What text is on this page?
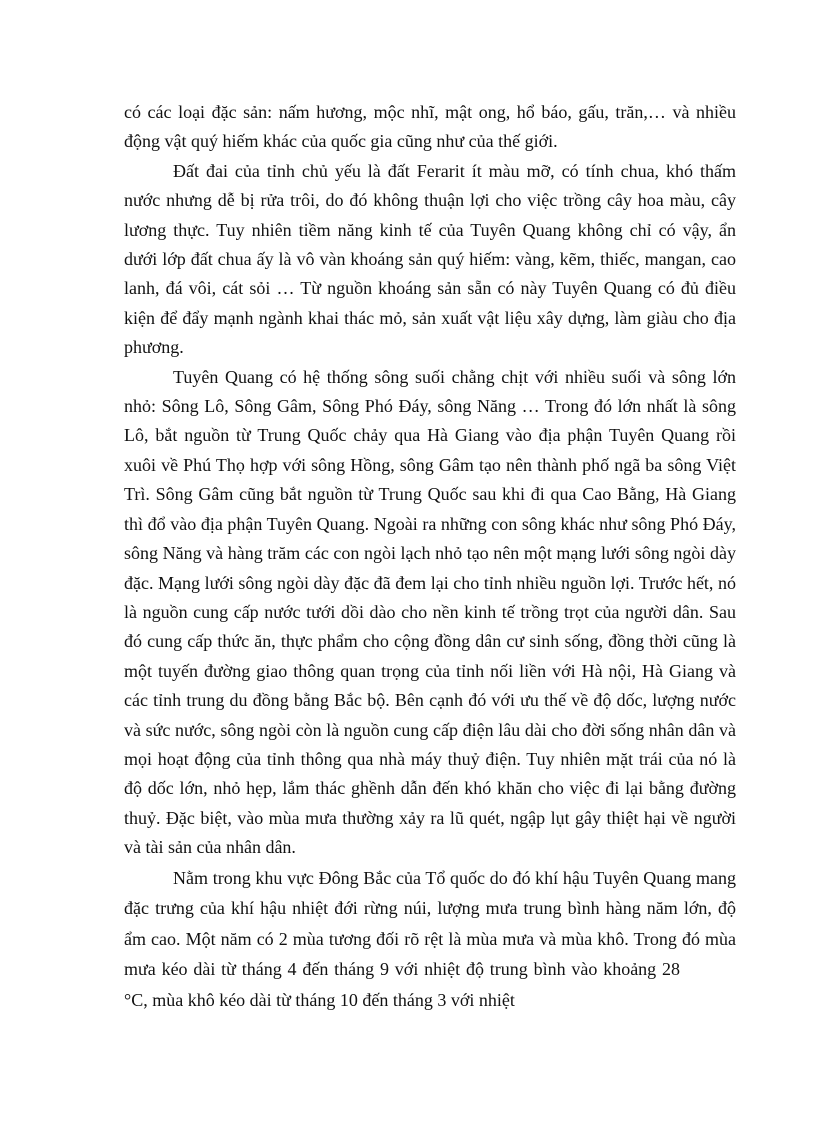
có các loại đặc sản: nấm hương, mộc nhĩ, mật ong, hổ báo, gấu, trăn,… và nhiều động vật quý hiếm khác của quốc gia cũng như của thế giới.

Đất đai của tỉnh chủ yếu là đất Ferarit ít màu mỡ, có tính chua, khó thấm nước nhưng dễ bị rửa trôi, do đó không thuận lợi cho việc trồng cây hoa màu, cây lương thực. Tuy nhiên tiềm năng kinh tế của Tuyên Quang không chỉ có vậy, ẩn dưới lớp đất chua ấy là vô vàn khoáng sản quý hiếm: vàng, kẽm, thiếc, mangan, cao lanh, đá vôi, cát sỏi … Từ nguồn khoáng sản sẵn có này Tuyên Quang có đủ điều kiện để đẩy mạnh ngành khai thác mỏ, sản xuất vật liệu xây dựng, làm giàu cho địa phương.

Tuyên Quang có hệ thống sông suối chằng chịt với nhiều suối và sông lớn nhỏ: Sông Lô, Sông Gâm, Sông Phó Đáy, sông Năng … Trong đó lớn nhất là sông Lô, bắt nguồn từ Trung Quốc chảy qua Hà Giang vào địa phận Tuyên Quang rồi xuôi về Phú Thọ hợp với sông Hồng, sông Gâm tạo nên thành phố ngã ba sông Việt Trì. Sông Gâm cũng bắt nguồn từ Trung Quốc sau khi đi qua Cao Bằng, Hà Giang thì đổ vào địa phận Tuyên Quang. Ngoài ra những con sông khác như sông Phó Đáy, sông Năng và hàng trăm các con ngòi lạch nhỏ tạo nên một mạng lưới sông ngòi dày đặc. Mạng lưới sông ngòi dày đặc đã đem lại cho tỉnh nhiều nguồn lợi. Trước hết, nó là nguồn cung cấp nước tưới dồi dào cho nền kinh tế trồng trọt của người dân. Sau đó cung cấp thức ăn, thực phẩm cho cộng đồng dân cư sinh sống, đồng thời cũng là một tuyến đường giao thông quan trọng của tỉnh nối liền với Hà nội, Hà Giang và các tỉnh trung du đồng bằng Bắc bộ. Bên cạnh đó với ưu thế về độ dốc, lượng nước và sức nước, sông ngòi còn là nguồn cung cấp điện lâu dài cho đời sống nhân dân và mọi hoạt động của tỉnh thông qua nhà máy thuỷ điện. Tuy nhiên mặt trái của nó là độ dốc lớn, nhỏ hẹp, lắm thác ghềnh dẫn đến khó khăn cho việc đi lại bằng đường thuỷ. Đặc biệt, vào mùa mưa thường xảy ra lũ quét, ngập lụt gây thiệt hại về người và tài sản của nhân dân.

Nằm trong khu vực Đông Bắc của Tổ quốc do đó khí hậu Tuyên Quang mang đặc trưng của khí hậu nhiệt đới rừng núi, lượng mưa trung bình hàng năm lớn, độ ẩm cao. Một năm có 2 mùa tương đối rõ rệt là mùa mưa và mùa khô. Trong đó mùa mưa kéo dài từ tháng 4 đến tháng 9 với nhiệt độ trung bình vào khoảng 28°C, mùa khô kéo dài từ tháng 10 đến tháng 3 với nhiệt
